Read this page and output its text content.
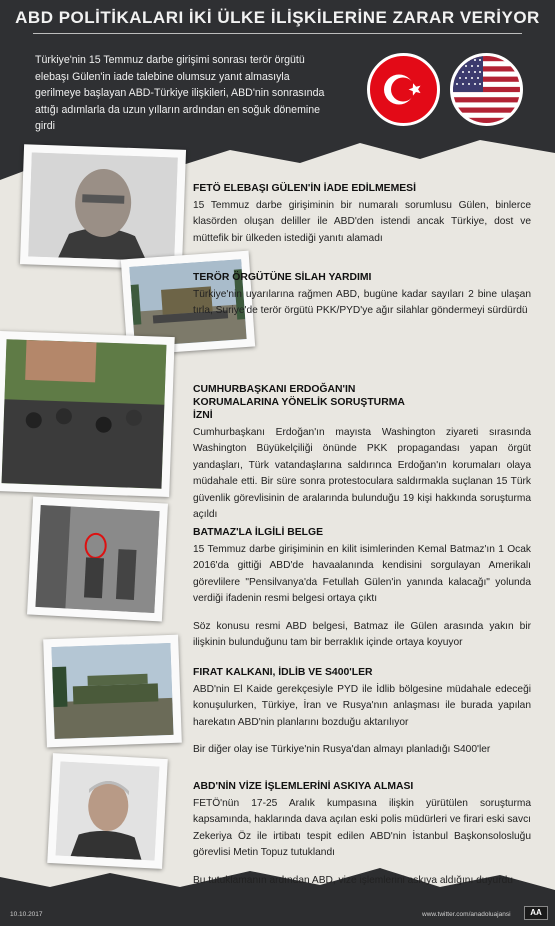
ABD POLİTİKALARI İKİ ÜLKE İLİŞKİLERİNE ZARAR VERİYOR
Türkiye'nin 15 Temmuz darbe girişimi sonrası terör örgütü elebaşı Gülen'in iade talebine olumsuz yanıt almasıyla gerilmeye başlayan ABD-Türkiye ilişkileri, ABD'nin sonrasında attığı adımlarla da uzun yılların ardından en soğuk dönemine girdi
FETÖ ELEBAŞI GÜLEN'İN İADE EDİLMEMESİ
15 Temmuz darbe girişiminin bir numaralı sorumlusu Gülen, binlerce klasörden oluşan deliller ile ABD'den istendi ancak Türkiye, dost ve müttefik bir ülkeden istediği yanıtı alamadı
TERÖR ÖRGÜTÜNE SİLAH YARDIMI
Türkiye'nin uyarılarına rağmen ABD, bugüne kadar sayıları 2 bine ulaşan tırla, Suriye'de terör örgütü PKK/PYD'ye ağır silahlar göndermeyi sürdürdü
CUMHURBAŞKANI ERDOĞAN'IN KORUMALARINA YÖNELİK SORUŞTURMA İZNİ
Cumhurbaşkanı Erdoğan'ın mayısta Washington ziyareti sırasında Washington Büyükelçiliği önünde PKK propagandası yapan örgüt yandaşları, Türk vatandaşlarına saldırınca Erdoğan'ın korumaları olaya müdahale etti. Bir süre sonra protestoculara saldırmakla suçlanan 15 Türk güvenlik görevlisinin de aralarında bulunduğu 19 kişi hakkında soruşturma açıldı
BATMAZ'LA İLGİLİ BELGE
15 Temmuz darbe girişiminin en kilit isimlerinden Kemal Batmaz'ın 1 Ocak 2016'da gittiği ABD'de havaalanında kendisini sorgulayan Amerikalı görevlilere "Pensilvanya'da Fetullah Gülen'in yanında kalacağı" yolunda verdiği ifadenin resmi belgesi ortaya çıktı
Söz konusu resmi ABD belgesi, Batmaz ile Gülen arasında yakın bir ilişkinin bulunduğunu tam bir berraklık içinde ortaya koyuyor
FIRAT KALKANI, İDLİB VE S400'LER
ABD'nin El Kaide gerekçesiyle PYD ile İdlib bölgesine müdahale edeceği konuşulurken, Türkiye, İran ve Rusya'nın anlaşması ile burada yapılan harekatın ABD'nin planlarını bozduğu aktarılıyor
Bir diğer olay ise Türkiye'nin Rusya'dan almayı planladığı S400'ler
ABD'NİN VİZE İŞLEMLERİNİ ASKIYA ALMASI
FETÖ'nün 17-25 Aralık kumpasına ilişkin yürütülen soruşturma kapsamında, haklarında dava açılan eski polis müdürleri ve firari eski savcı Zekeriya Öz ile irtibatı tespit edilen ABD'nin İstanbul Başkonsolosluğu görevlisi Metin Topuz tutuklandı
Bu tutuklamanın ardından ABD, vize işlemlerini askıya aldığını duyurdu
10.10.2017	www.twitter.com/anadoluajansi	AA
